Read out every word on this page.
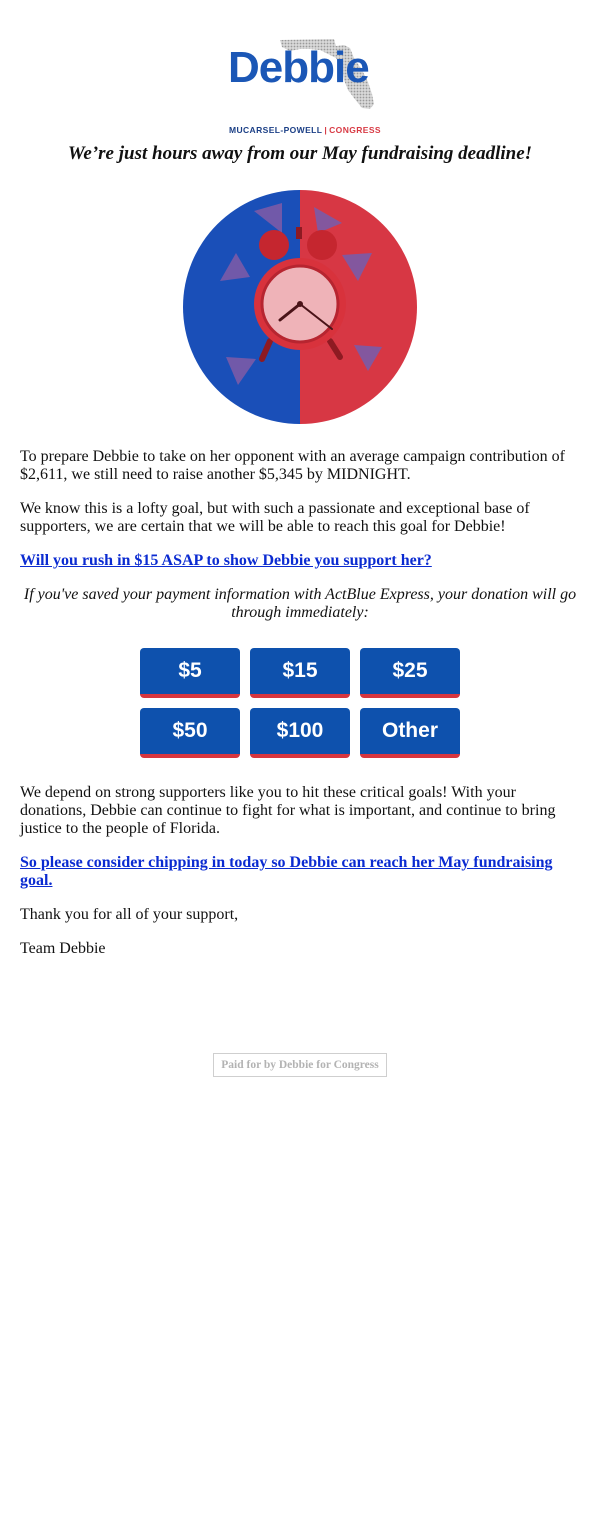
Debbie
MUCARSEL-POWELL | CONGRESS
We’re just hours away from our May fundraising deadline!

To prepare Debbie to take on her opponent with an average campaign contribution of $2,611, we still need to raise another $5,345 by MIDNIGHT.

We know this is a lofty goal, but with such a passionate and exceptional base of supporters, we are certain that we will be able to reach this goal for Debbie!

Will you rush in $15 ASAP to show Debbie you support her?
If you've saved your payment information with ActBlue Express, your donation will go through immediately:
$5	$15	$25
$50	$100	Other

We depend on strong supporters like you to hit these critical goals! With your donations, Debbie can continue to fight for what is important, and continue to bring justice to the people of Florida.

So please consider chipping in today so Debbie can reach her May fundraising goal.

Thank you for all of your support,

Team Debbie

Paid for by Debbie for Congress
